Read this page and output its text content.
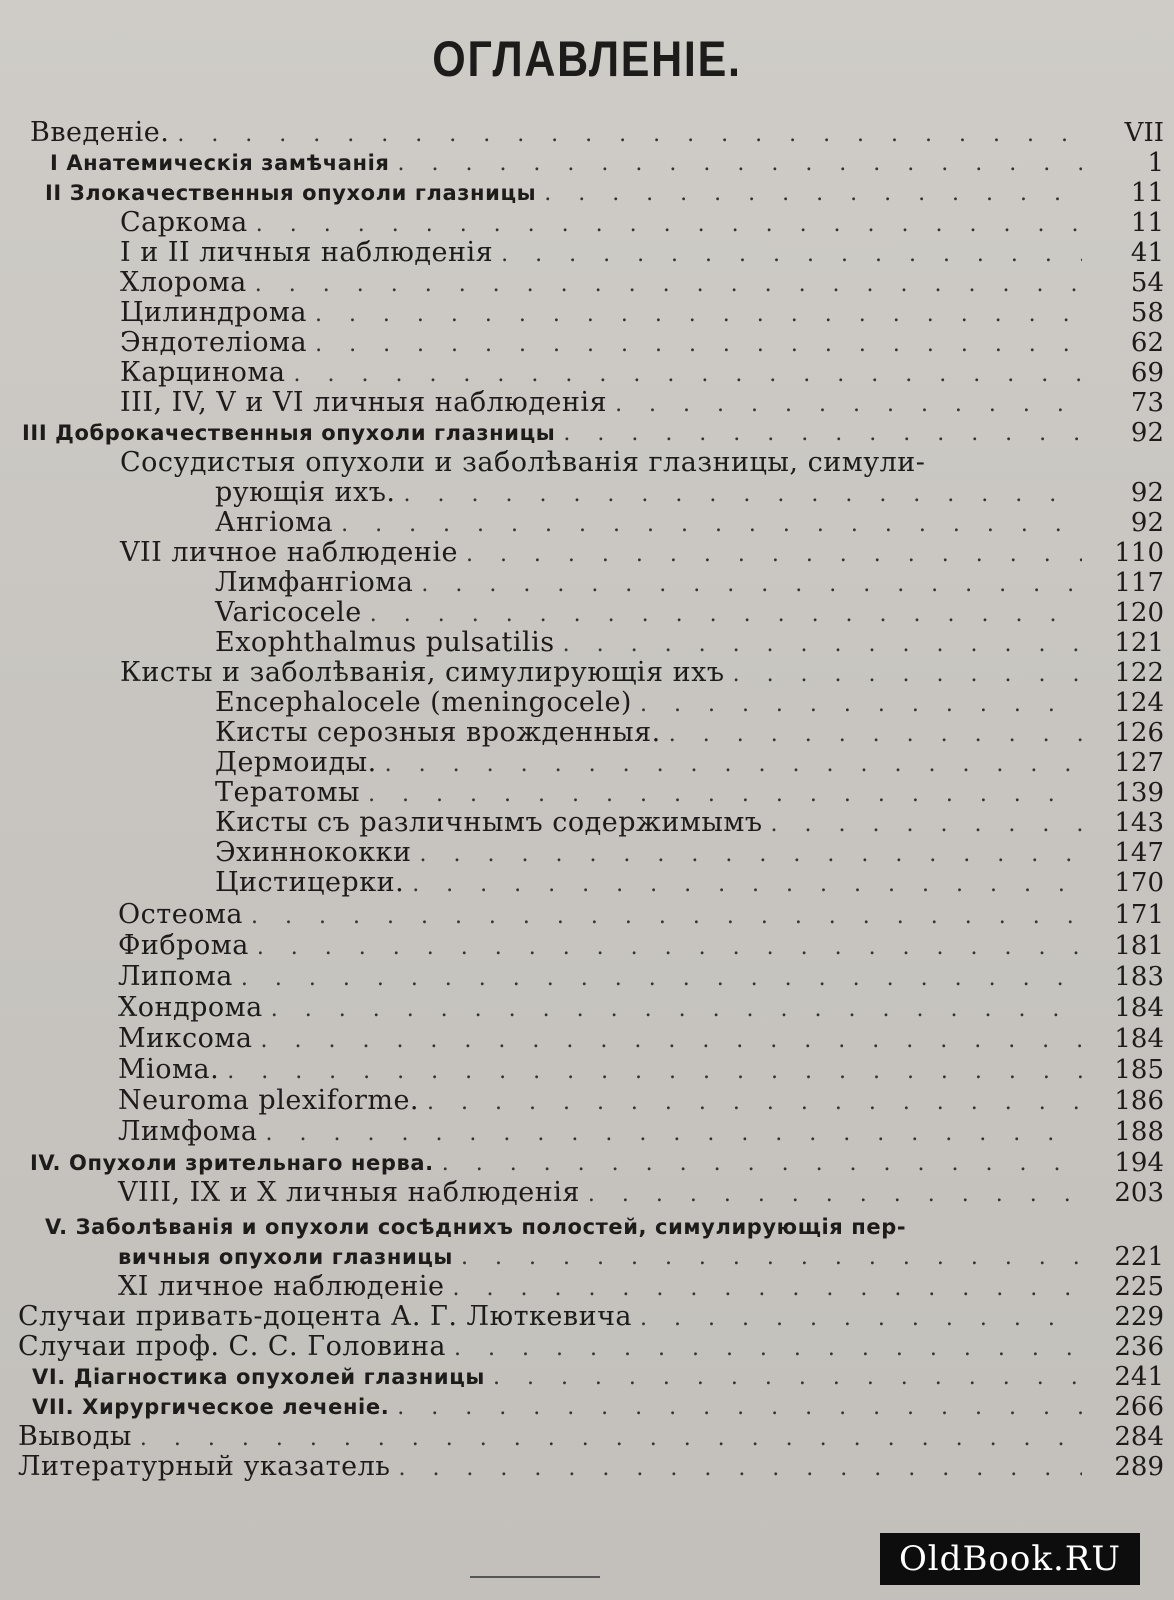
ОГЛАВЛЕНІЕ.
Введеніе. . . .	VII
I Анатемическія замѣчанія . . .	1
II Злокачественныя опухоли глазницы . . .	11
Саркома . . .	11
I и II личныя наблюденія . . .	41
Хлорома . . .	54
Цилиндрома . . .	58
Эндотеліома . . .	62
Карцинома . . .	69
III, IV, V и VI личныя наблюденія . . .	73
III Доброкачественныя опухоли глазницы . . .	92
Сосудистыя опухоли и заболѣванія глазницы, симули-
рующія ихъ. . . .	92
Ангіома . . .	92
VII личное наблюденіе . . .	110
Лимфангіома . . .	117
Varicocele . . .	120
Exophthalmus pulsatilis . . .	121
Кисты и заболѣванія, симулирующія ихъ . . .	122
Encephalocele (meningocele) . . .	124
Кисты серозныя врожденныя. . . .	126
Дермоиды. . . .	127
Тератомы . . .	139
Кисты съ различнымъ содержимымъ . . .	143
Эхиннококки . . .	147
Цистицерки. . . .	170
Остеома . . .	171
Фиброма . . .	181
Липома . . .	183
Хондрома . . .	184
Миксома . . .	184
Міома. . . .	185
Neuroma plexiforme. . . .	186
Лимфома . . .	188
IV. Опухоли зрительнаго нерва. . . .	194
VIII, IX и X личныя наблюденія . . .	203
V. Заболѣванія и опухоли сосѣднихъ полостей, симулирующія пер-
вичныя опухоли глазницы . . .	221
XI личное наблюденіе . . .	225
Случаи привать-доцента А. Г. Люткевича . . .	229
Случаи проф. С. С. Головина . . .	236
VI. Діагностика опухолей глазницы . . .	241
VII. Хирургическое леченіе. . . .	266
Выводы . . .	284
Литературный указатель . . .	289
OldBook.RU
